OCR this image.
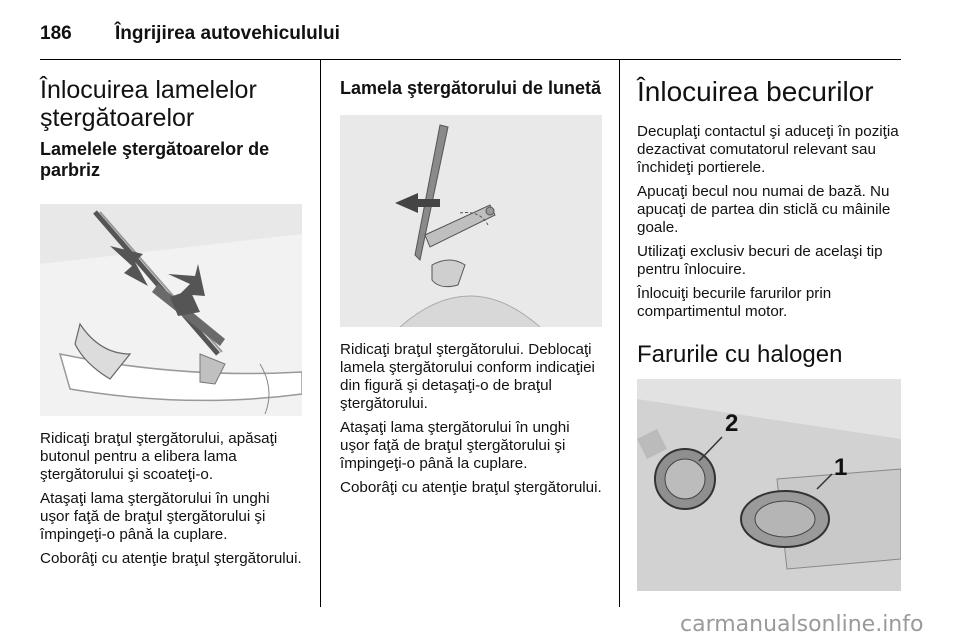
186	Îngrijirea autovehiculului
Înlocuirea lamelelor ştergătoarelor
Lamelele ştergătoarelor de parbriz

Ridicaţi braţul ştergătorului, apăsaţi butonul pentru a elibera lama ştergătorului şi scoateţi-o.

Ataşaţi lama ştergătorului în unghi uşor faţă de braţul ştergătorului şi împingeţi-o până la cuplare.

Coborâţi cu atenţie braţul ştergătorului.

Lamela ştergătorului de lunetă

Ridicaţi braţul ştergătorului. Deblocaţi lamela ştergătorului conform indicaţiei din figură şi detaşaţi-o de braţul ştergătorului.

Ataşaţi lama ştergătorului în unghi uşor faţă de braţul ştergătorului şi împingeţi-o până la cuplare.

Coborâţi cu atenţie braţul ştergătorului.

Înlocuirea becurilor

Decuplaţi contactul şi aduceţi în poziţia dezactivat comutatorul relevant sau închideţi portierele.

Apucaţi becul nou numai de bază. Nu apucaţi de partea din sticlă cu mâinile goale.

Utilizaţi exclusiv becuri de acelaşi tip pentru înlocuire.

Înlocuiţi becurile farurilor prin compartimentul motor.

Farurile cu halogen
2
1
carmanualsonline.info
